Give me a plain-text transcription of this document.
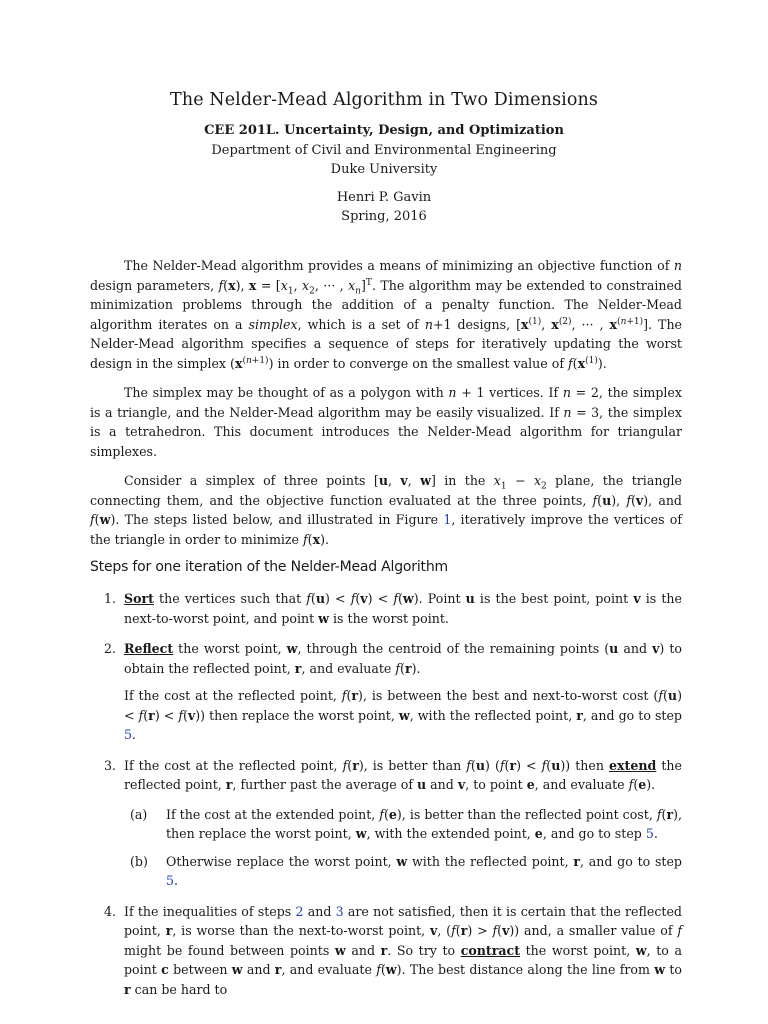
The Nelder-Mead Algorithm in Two Dimensions
CEE 201L. Uncertainty, Design, and Optimization
Department of Civil and Environmental Engineering
Duke University
Henri P. Gavin
Spring, 2016

The Nelder-Mead algorithm provides a means of minimizing an objective function of n design parameters, f(x), $x = [x_1$, $x_2$, ··· , $x_n]^T$. The algorithm may be extended to constrained minimization problems through the addition of a penalty function. The Nelder-Mead algorithm iterates on a simplex, which is a set of n+1 designs, [$x^{(1)}$, $x^{(2)}$, ··· , $x^{(n+1)}$]. The Nelder-Mead algorithm specifies a sequence of steps for iteratively updating the worst design in the simplex $(x^{(n+1)})$ in order to converge on the smallest value of $f(x^{(1)})$.

The simplex may be thought of as a polygon with n + 1 vertices. If n = 2, the simplex is a triangle, and the Nelder-Mead algorithm may be easily visualized. If n = 3, the simplex is a tetrahedron. This document introduces the Nelder-Mead algorithm for triangular simplexes.

Consider a simplex of three points [u, v, w] in the $x_1 - x_2$ plane, the triangle connecting them, and the objective function evaluated at the three points, f(u), f(v), and f(w). The steps listed below, and illustrated in Figure 1, iteratively improve the vertices of the triangle in order to minimize f(x).

Steps for one iteration of the Nelder-Mead Algorithm
1. Sort the vertices such that f(u) < f(v) < f(w). Point u is the best point, point v is the next-to-worst point, and point w is the worst point.
2. Reflect the worst point, w, through the centroid of the remaining points (u and v) to obtain the reflected point, r, and evaluate f(r).
If the cost at the reflected point, f(r), is between the best and next-to-worst cost (f(u) < f(r) < f(v)) then replace the worst point, w, with the reflected point, r, and go to step 5.
3. If the cost at the reflected point, f(r), is better than f(u) (f(r) < f(u)) then extend the reflected point, r, further past the average of u and v, to point e, and evaluate f(e).
(a) If the cost at the extended point, f(e), is better than the reflected point cost, f(r), then replace the worst point, w, with the extended point, e, and go to step 5.
(b) Otherwise replace the worst point, w with the reflected point, r, and go to step 5.
4. If the inequalities of steps 2 and 3 are not satisfied, then it is certain that the reflected point, r, is worse than the next-to-worst point, v, (f(r) > f(v)) and, a smaller value of f might be found between points w and r. So try to contract the worst point, w, to a point c between w and r, and evaluate f(w). The best distance along the line from w to r can be hard to
